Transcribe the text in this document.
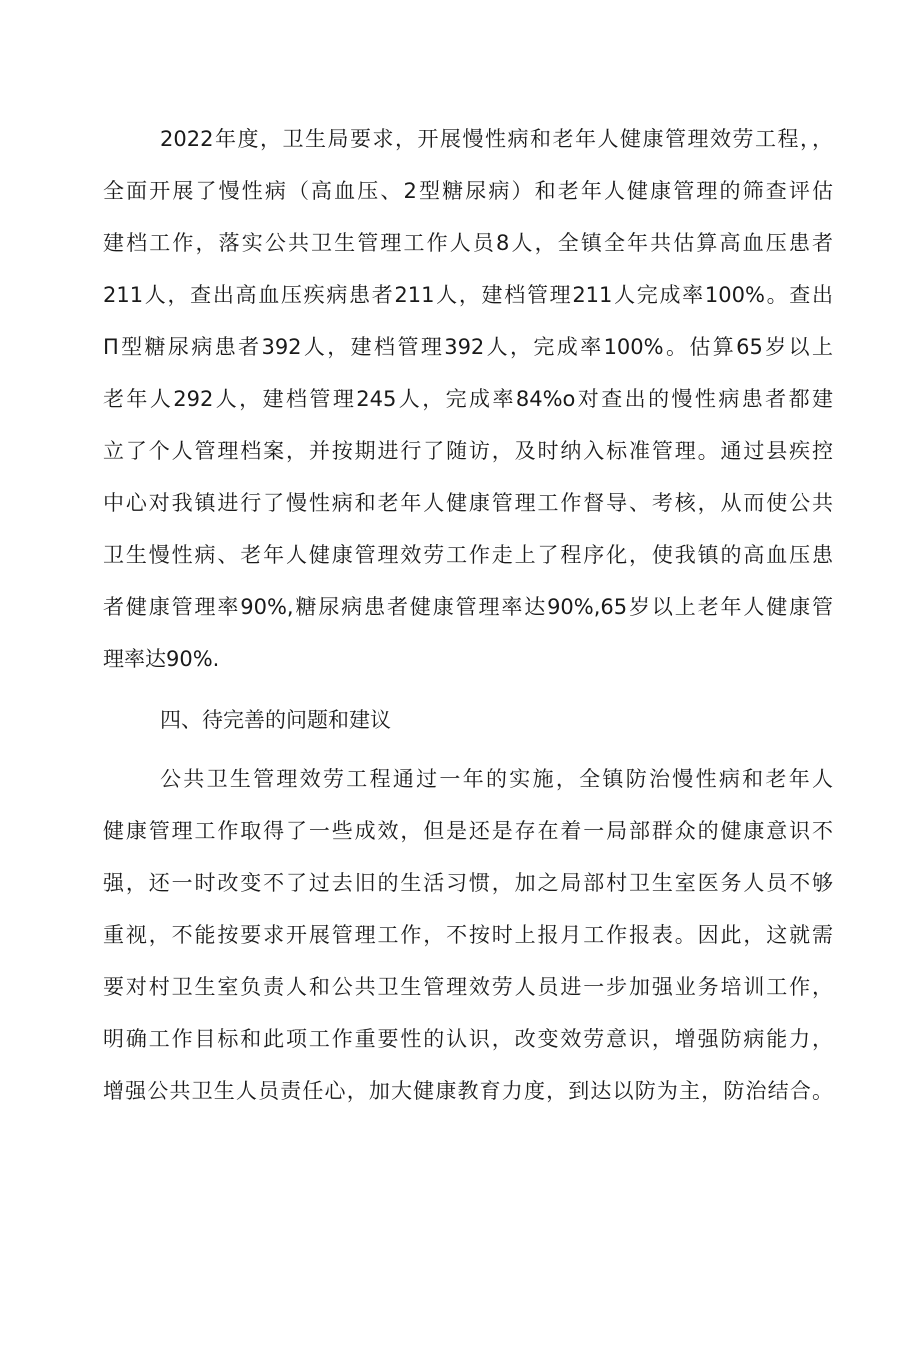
2022年度，卫生局要求，开展慢性病和老年人健康管理效劳工程，，
全面开展了慢性病（高血压、2型糖尿病）和老年人健康管理的筛查评估
建档工作，落实公共卫生管理工作人员8人，全镇全年共估算高血压患者
211人，查出高血压疾病患者211人，建档管理211人完成率100%。查出
Π型糖尿病患者392人，建档管理392人，完成率100%。估算65岁以上
老年人292人，建档管理245人，完成率84%o对查出的慢性病患者都建
立了个人管理档案，并按期进行了随访，及时纳入标准管理。通过县疾控
中心对我镇进行了慢性病和老年人健康管理工作督导、考核，从而使公共
卫生慢性病、老年人健康管理效劳工作走上了程序化，使我镇的高血压患
者健康管理率90%,糖尿病患者健康管理率达90%,65岁以上老年人健康管
理率达90%.
四、待完善的问题和建议
公共卫生管理效劳工程通过一年的实施，全镇防治慢性病和老年人
健康管理工作取得了一些成效，但是还是存在着一局部群众的健康意识不
强，还一时改变不了过去旧的生活习惯，加之局部村卫生室医务人员不够
重视，不能按要求开展管理工作，不按时上报月工作报表。因此，这就需
要对村卫生室负责人和公共卫生管理效劳人员进一步加强业务培训工作，
明确工作目标和此项工作重要性的认识，改变效劳意识，增强防病能力，
增强公共卫生人员责任心，加大健康教育力度，到达以防为主，防治结合。
